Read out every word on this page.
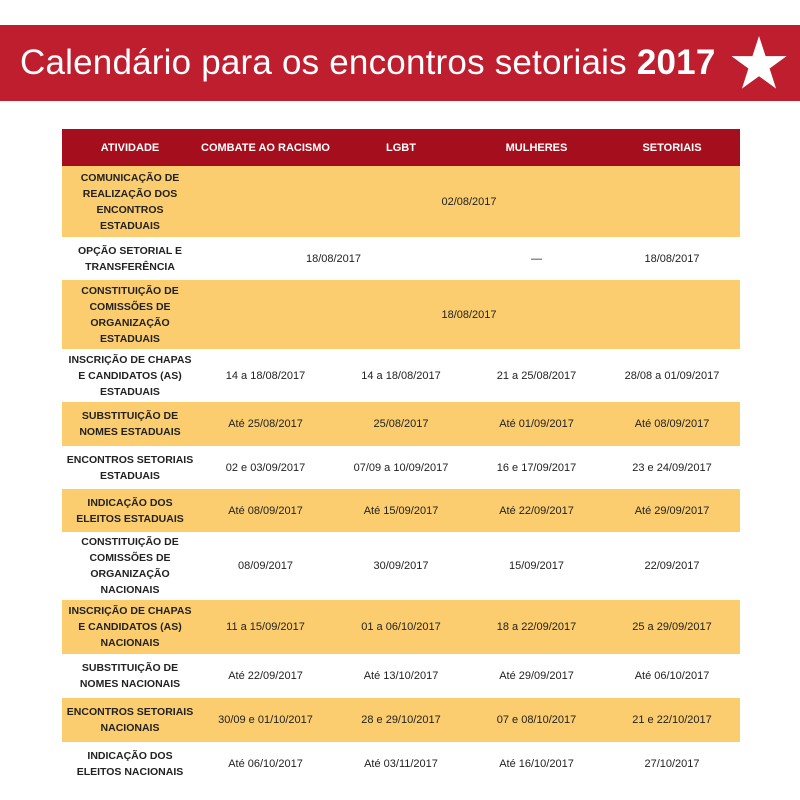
Calendário para os encontros setoriais 2017
ATIVIDADE	COMBATE AO RACISMO	LGBT	MULHERES	SETORIAIS
COMUNICAÇÃO DE REALIZAÇÃO DOS ENCONTROS ESTADUAIS	02/08/2017			
OPÇÃO SETORIAL E TRANSFERÊNCIA	18/08/2017		—	18/08/2017
CONSTITUIÇÃO DE COMISSÕES DE ORGANIZAÇÃO ESTADUAIS	18/08/2017			
INSCRIÇÃO DE CHAPAS E CANDIDATOS (AS) ESTADUAIS	14 a 18/08/2017	14 a 18/08/2017	21 a 25/08/2017	28/08 a 01/09/2017
SUBSTITUIÇÃO DE NOMES ESTADUAIS	Até 25/08/2017	25/08/2017	Até 01/09/2017	Até 08/09/2017
ENCONTROS SETORIAIS ESTADUAIS	02 e 03/09/2017	07/09 a 10/09/2017	16 e 17/09/2017	23 e 24/09/2017
INDICAÇÃO DOS ELEITOS ESTADUAIS	Até 08/09/2017	Até 15/09/2017	Até 22/09/2017	Até 29/09/2017
CONSTITUIÇÃO DE COMISSÕES DE ORGANIZAÇÃO NACIONAIS	08/09/2017	30/09/2017	15/09/2017	22/09/2017
INSCRIÇÃO DE CHAPAS E CANDIDATOS (AS) NACIONAIS	11 a 15/09/2017	01 a 06/10/2017	18 a 22/09/2017	25 a 29/09/2017
SUBSTITUIÇÃO DE NOMES NACIONAIS	Até 22/09/2017	Até 13/10/2017	Até 29/09/2017	Até 06/10/2017
ENCONTROS SETORIAIS NACIONAIS	30/09 e 01/10/2017	28 e 29/10/2017	07 e 08/10/2017	21 e 22/10/2017
INDICAÇÃO DOS ELEITOS NACIONAIS	Até 06/10/2017	Até 03/11/2017	Até 16/10/2017	27/10/2017
